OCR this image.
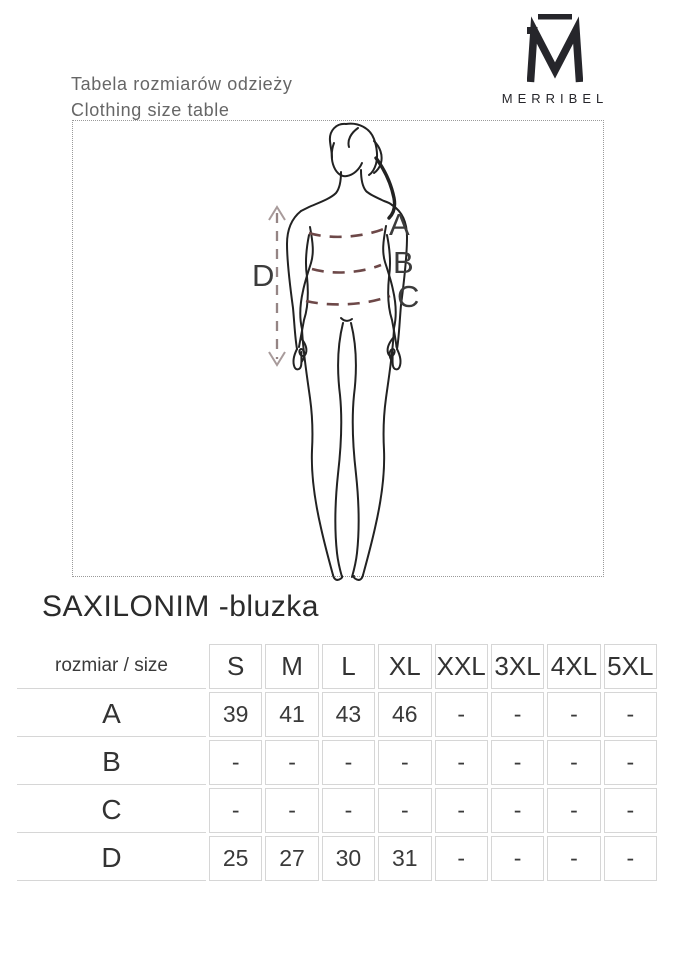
Tabela rozmiarów odzieży
Clothing size table
MERRIBEL
A
B
C
D
SAXILONIM -bluzka
rozmiar / size	S	M	L	XL	XXL	3XL	4XL	5XL
A	39	41	43	46	-	-	-	-
B	-	-	-	-	-	-	-	-
C	-	-	-	-	-	-	-	-
D	25	27	30	31	-	-	-	-
